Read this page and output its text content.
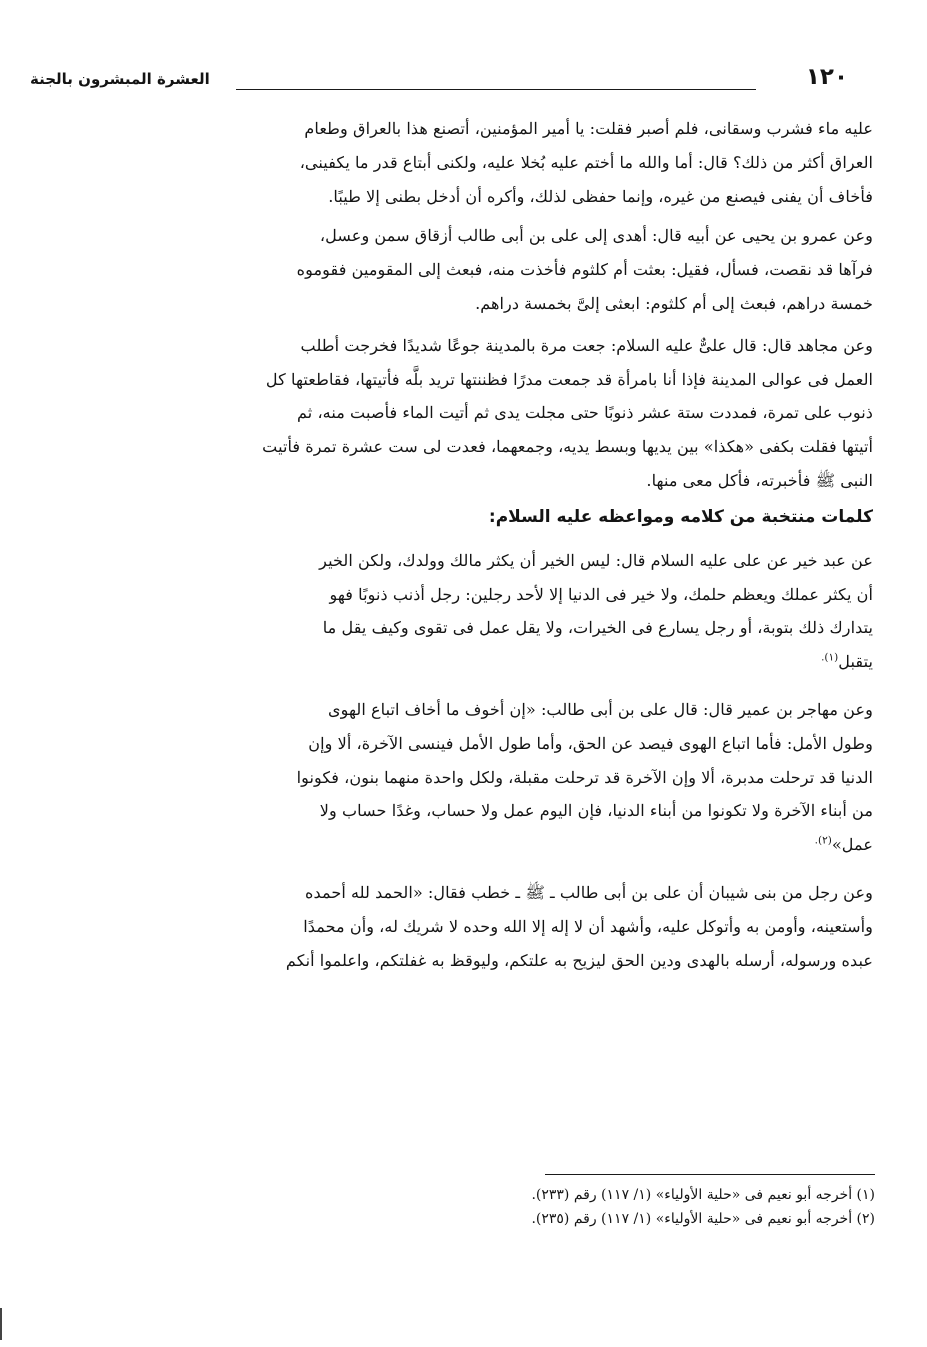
١٢٠
العشرة المبشرون بالجنة

عليه ماء فشرب وسقانى، فلم أصبر فقلت: يا أمير المؤمنين، أتصنع هذا بالعراق وطعام
العراق أكثر من ذلك؟ قال: أما والله ما أختم عليه بُخلا عليه، ولكنى أبتاع قدر ما يكفينى،
فأخاف أن يفنى فيصنع من غيره، وإنما حفظى لذلك، وأكره أن أدخل بطنى إلا طيبًا.

وعن عمرو بن يحيى عن أبيه قال: أهدى إلى على بن أبى طالب أزقاق سمن وعسل،
فرآها قد نقصت، فسأل، فقيل: بعثت أم كلثوم فأخذت منه، فبعث إلى المقومين فقوموه
خمسة دراهم، فبعث إلى أم كلثوم: ابعثى إلىَّ بخمسة دراهم.

وعن مجاهد قال: قال علىٌّ عليه السلام: جعت مرة بالمدينة جوعًا شديدًا فخرجت أطلب
العمل فى عوالى المدينة فإذا أنا بامرأة قد جمعت مدرًا فظننتها تريد بلَّه فأتيتها، فقاطعتها كل
ذنوب على تمرة، فمددت ستة عشر ذنوبًا حتى مجلت يدى ثم أتيت الماء فأصبت منه، ثم
أتيتها فقلت بكفى «هكذا» بين يديها وبسط يديه، وجمعهما، فعدت لى ست عشرة تمرة فأتيت
النبى ﷺ فأخبرته، فأكل معى منها.

كلمات منتخبة من كلامه ومواعظه عليه السلام:

عن عبد خير عن على عليه السلام قال: ليس الخير أن يكثر مالك وولدك، ولكن الخير
أن يكثر عملك ويعظم حلمك، ولا خير فى الدنيا إلا لأحد رجلين: رجل أذنب ذنوبًا فهو
يتدارك ذلك بتوبة، أو رجل يسارع فى الخيرات، ولا يقل عمل فى تقوى وكيف يقل ما
يتقبل$^{(١).}$

وعن مهاجر بن عمير قال: قال على بن أبى طالب: «إن أخوف ما أخاف اتباع الهوى
وطول الأمل: فأما اتباع الهوى فيصد عن الحق، وأما طول الأمل فينسى الآخرة، ألا وإن
الدنيا قد ترحلت مدبرة، ألا وإن الآخرة قد ترحلت مقبلة، ولكل واحدة منهما بنون، فكونوا
من أبناء الآخرة ولا تكونوا من أبناء الدنيا، فإن اليوم عمل ولا حساب، وغدًا حساب ولا
عمل»$^{(٢).}$

وعن رجل من بنى شيبان أن على بن أبى طالب ـ ﷺ ـ خطب فقال: «الحمد لله أحمده
وأستعينه، وأومن به وأتوكل عليه، وأشهد أن لا إله إلا الله وحده لا شريك له، وأن محمدًا
عبده ورسوله، أرسله بالهدى ودين الحق ليزيح به علتكم، وليوقظ به غفلتكم، واعلموا أنكم

(١) أخرجه أبو نعيم فى «حلية الأولياء» (١/ ١١٧) رقم (٢٣٣).

(٢) أخرجه أبو نعيم فى «حلية الأولياء» (١/ ١١٧) رقم (٢٣٥).
